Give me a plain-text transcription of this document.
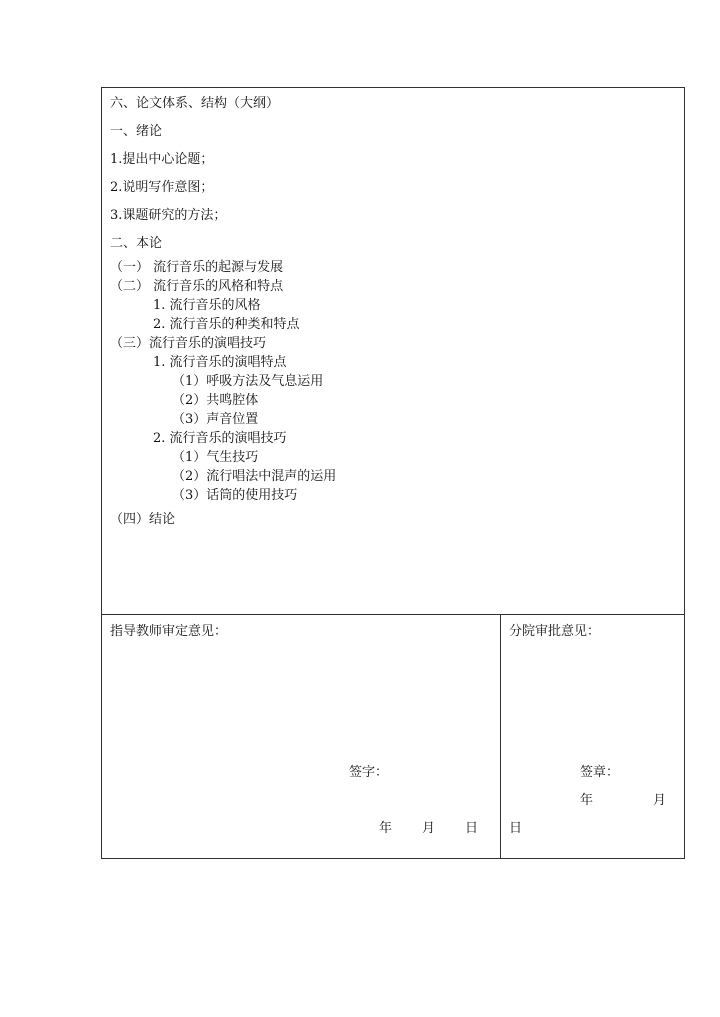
六、论文体系、结构（大纲）
一、绪论
1.提出中心论题；
2.说明写作意图；
3.课题研究的方法；
二、本论
（一） 流行音乐的起源与发展
（二） 流行音乐的风格和特点
1. 流行音乐的风格
2. 流行音乐的种类和特点
（三）流行音乐的演唱技巧
1. 流行音乐的演唱特点
（1）呼吸方法及气息运用
（2）共鸣腔体
（3）声音位置
2. 流行音乐的演唱技巧
（1）气生技巧
（2）流行唱法中混声的运用
（3）话筒的使用技巧
（四）结论
指导教师审定意见：
签字：
年 月 日
分院审批意见：
签章：
年	月
日
